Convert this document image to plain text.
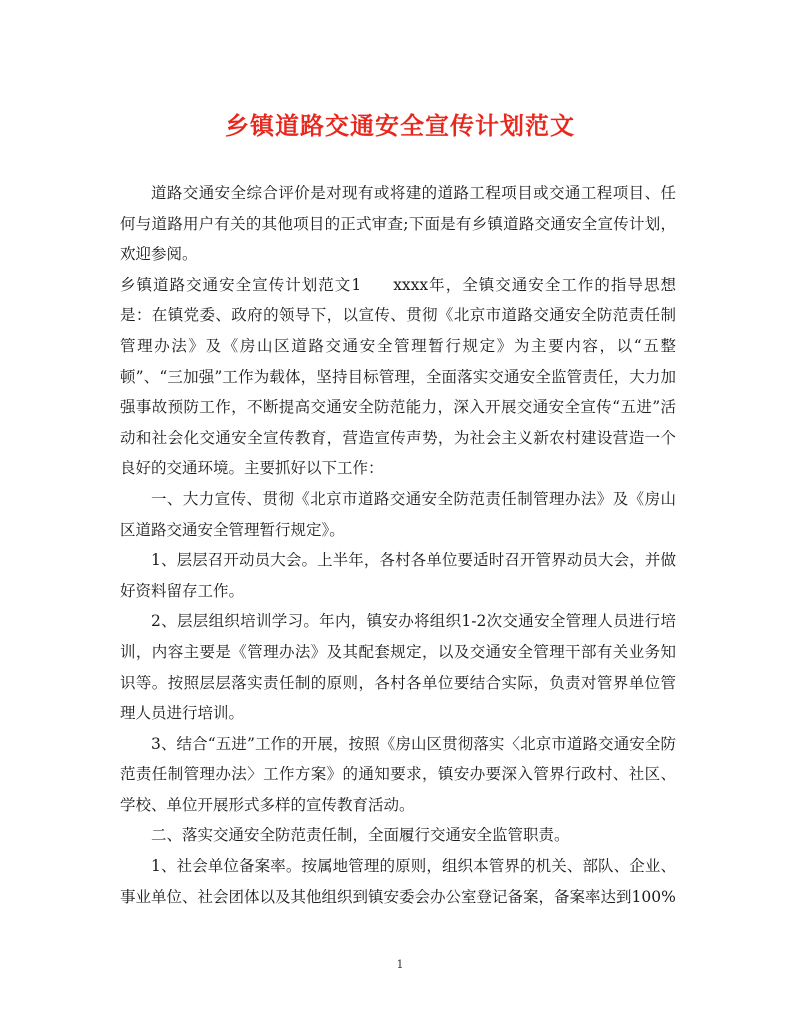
乡镇道路交通安全宣传计划范文

道路交通安全综合评价是对现有或将建的道路工程项目或交通工程项目、任何与道路用户有关的其他项目的正式审查;下面是有乡镇道路交通安全宣传计划，欢迎参阅。

乡镇道路交通安全宣传计划范文1 xxxx年，全镇交通安全工作的指导思想是：在镇党委、政府的领导下，以宣传、贯彻《北京市道路交通安全防范责任制管理办法》及《房山区道路交通安全管理暂行规定》为主要内容，以“五整顿”、“三加强”工作为载体，坚持目标管理，全面落实交通安全监管责任，大力加强事故预防工作，不断提高交通安全防范能力，深入开展交通安全宣传“五进”活动和社会化交通安全宣传教育，营造宣传声势，为社会主义新农村建设营造一个良好的交通环境。主要抓好以下工作：

一、大力宣传、贯彻《北京市道路交通安全防范责任制管理办法》及《房山区道路交通安全管理暂行规定》。

1、层层召开动员大会。上半年，各村各单位要适时召开管界动员大会，并做好资料留存工作。

2、层层组织培训学习。年内，镇安办将组织1-2次交通安全管理人员进行培训，内容主要是《管理办法》及其配套规定，以及交通安全管理干部有关业务知识等。按照层层落实责任制的原则，各村各单位要结合实际，负责对管界单位管理人员进行培训。

3、结合“五进”工作的开展，按照《房山区贯彻落实〈北京市道路交通安全防范责任制管理办法〉工作方案》的通知要求，镇安办要深入管界行政村、社区、学校、单位开展形式多样的宣传教育活动。

二、落实交通安全防范责任制，全面履行交通安全监管职责。

1、社会单位备案率。按属地管理的原则，组织本管界的机关、部队、企业、事业单位、社会团体以及其他组织到镇安委会办公室登记备案，备案率达到100%

1
